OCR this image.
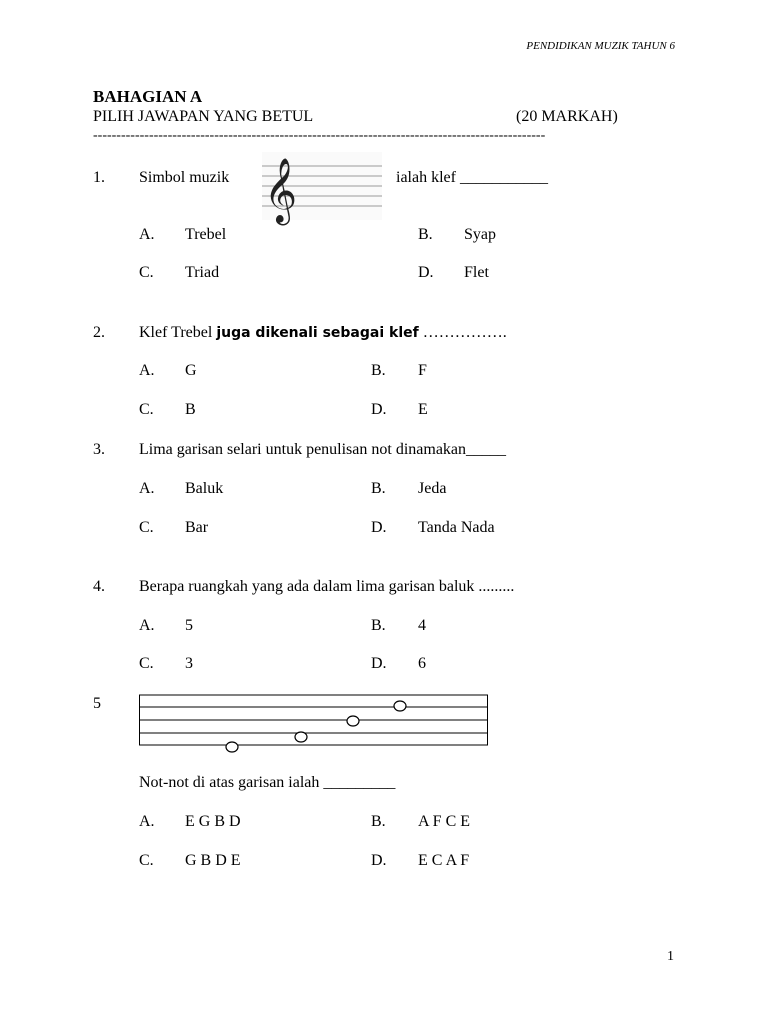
PENDIDIKAN MUZIK TAHUN 6
BAHAGIAN A
PILIH JAWAPAN YANG BETUL	(20 MARKAH)
-------------------------------------------------------------------------------------------------
1. Simbol muzik 𝄞	ialah klef ___________
A. Trebel	B. Syap
C. Triad	D. Flet
2. Klef Trebel juga dikenali sebagai klef …………….
A. G	B. F
C. B	D. E
3. Lima garisan selari untuk penulisan not dinamakan_____
A. Baluk	B. Jeda
C. Bar	D. Tanda Nada
4. Berapa ruangkah yang ada dalam lima garisan baluk .........
A. 5	B. 4
C. 3	D. 6
5
Not-not di atas garisan ialah _________
A. E G B D	B. A F C E
C. G B D E	D. E C A F
1
